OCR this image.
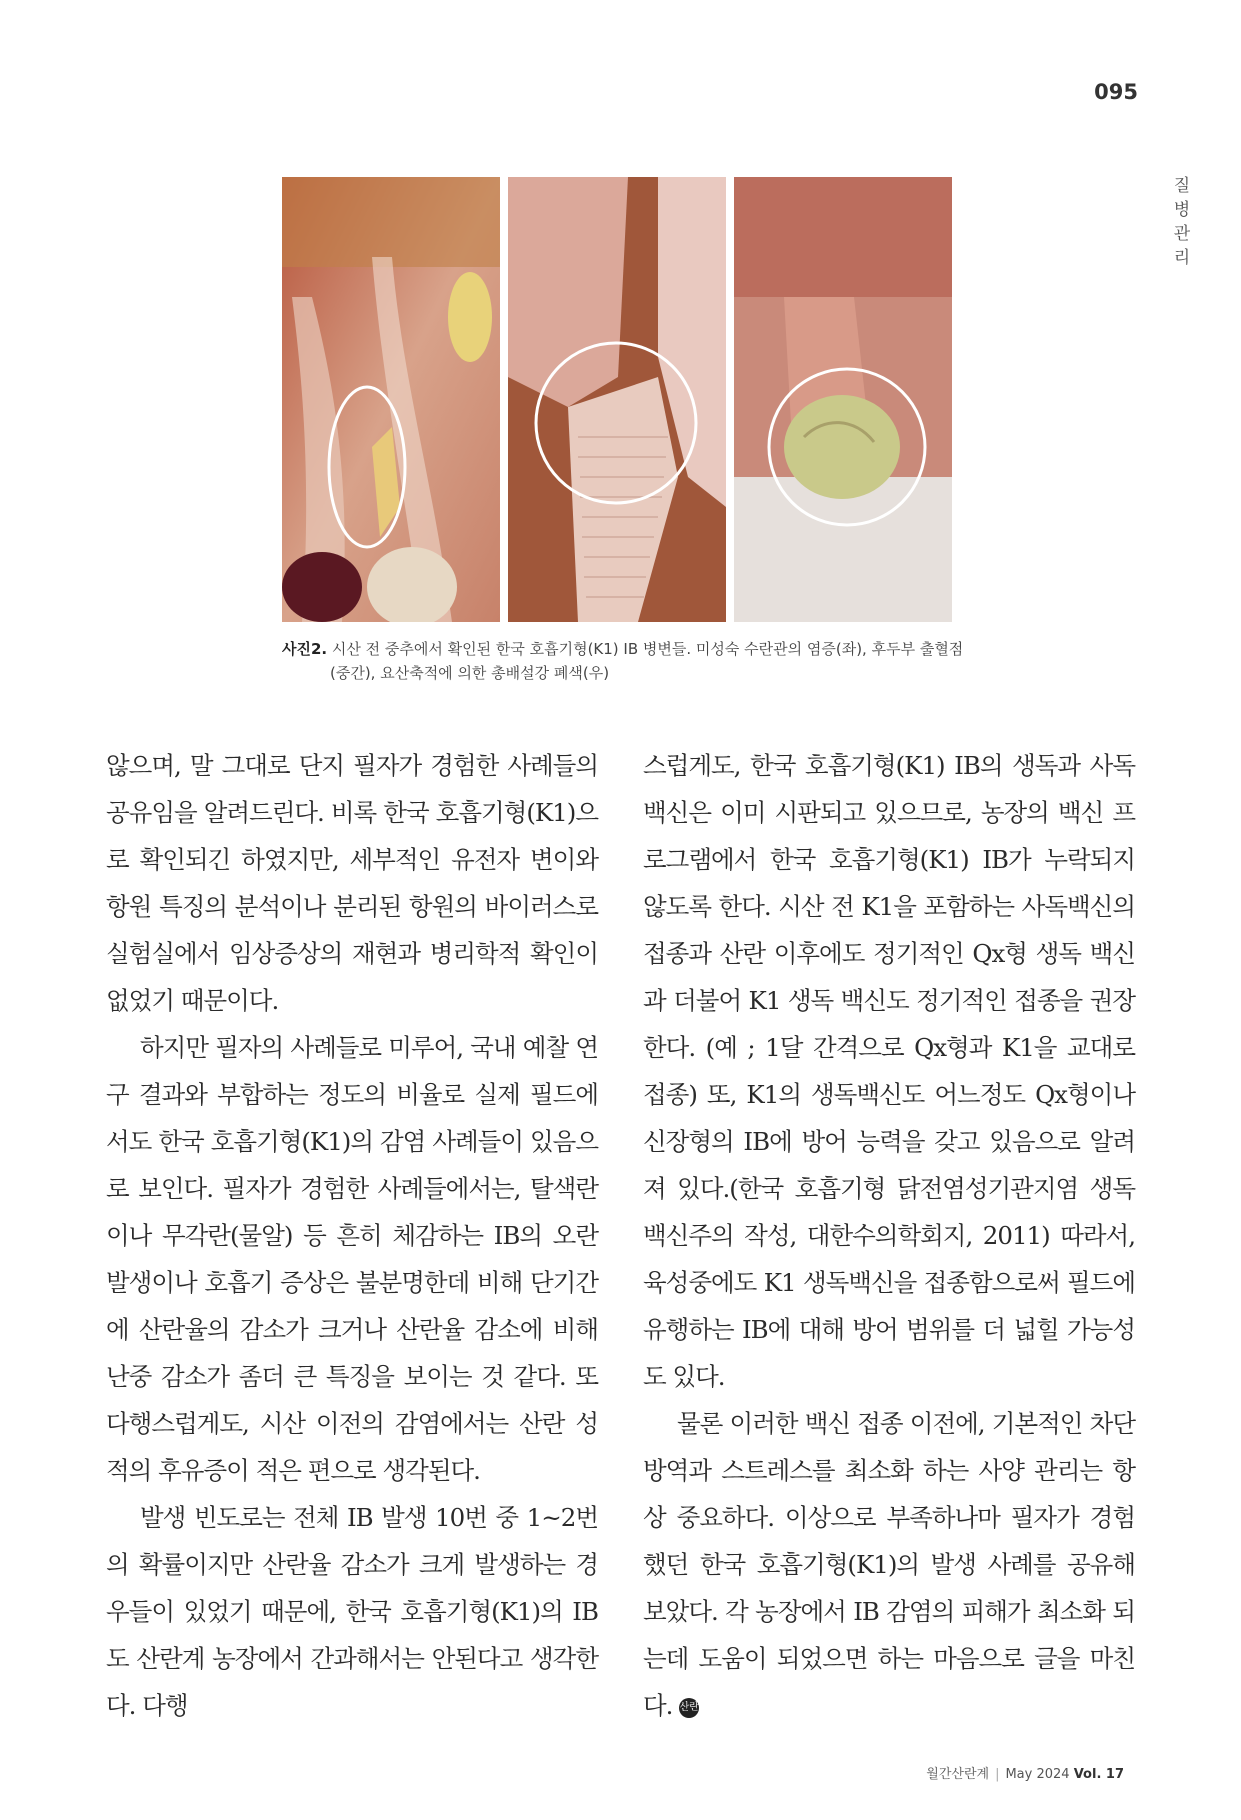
095
질병관리
사진2. 시산 전 중추에서 확인된 한국 호흡기형(K1) IB 병변들. 미성숙 수란관의 염증(좌), 후두부 출혈점
(중간), 요산축적에 의한 총배설강 폐색(우)

않으며, 말 그대로 단지 필자가 경험한 사례들의 공유임을 알려드린다. 비록 한국 호흡기형(K1)으로 확인되긴 하였지만, 세부적인 유전자 변이와 항원 특징의 분석이나 분리된 항원의 바이러스로 실험실에서 임상증상의 재현과 병리학적 확인이 없었기 때문이다.

하지만 필자의 사례들로 미루어, 국내 예찰 연구 결과와 부합하는 정도의 비율로 실제 필드에서도 한국 호흡기형(K1)의 감염 사례들이 있음으로 보인다. 필자가 경험한 사례들에서는, 탈색란이나 무각란(물알) 등 흔히 체감하는 IB의 오란 발생이나 호흡기 증상은 불분명한데 비해 단기간에 산란율의 감소가 크거나 산란율 감소에 비해 난중 감소가 좀더 큰 특징을 보이는 것 같다. 또 다행스럽게도, 시산 이전의 감염에서는 산란 성적의 후유증이 적은 편으로 생각된다.

발생 빈도로는 전체 IB 발생 10번 중 1~2번의 확률이지만 산란율 감소가 크게 발생하는 경우들이 있었기 때문에, 한국 호흡기형(K1)의 IB도 산란계 농장에서 간과해서는 안된다고 생각한다. 다행

스럽게도, 한국 호흡기형(K1) IB의 생독과 사독백신은 이미 시판되고 있으므로, 농장의 백신 프로그램에서 한국 호흡기형(K1) IB가 누락되지 않도록 한다. 시산 전 K1을 포함하는 사독백신의 접종과 산란 이후에도 정기적인 Qx형 생독 백신과 더불어 K1 생독 백신도 정기적인 접종을 권장한다. (예 ; 1달 간격으로 Qx형과 K1을 교대로 접종) 또, K1의 생독백신도 어느정도 Qx형이나 신장형의 IB에 방어 능력을 갖고 있음으로 알려져 있다.(한국 호흡기형 닭전염성기관지염 생독백신주의 작성, 대한수의학회지, 2011) 따라서, 육성중에도 K1 생독백신을 접종함으로써 필드에 유행하는 IB에 대해 방어 범위를 더 넓힐 가능성도 있다.

물론 이러한 백신 접종 이전에, 기본적인 차단 방역과 스트레스를 최소화 하는 사양 관리는 항상 중요하다. 이상으로 부족하나마 필자가 경험했던 한국 호흡기형(K1)의 발생 사례를 공유해 보았다. 각 농장에서 IB 감염의 피해가 최소화 되는데 도움이 되었으면 하는 마음으로 글을 마친다. 산란

월간산란계 | May 2024 Vol. 17
